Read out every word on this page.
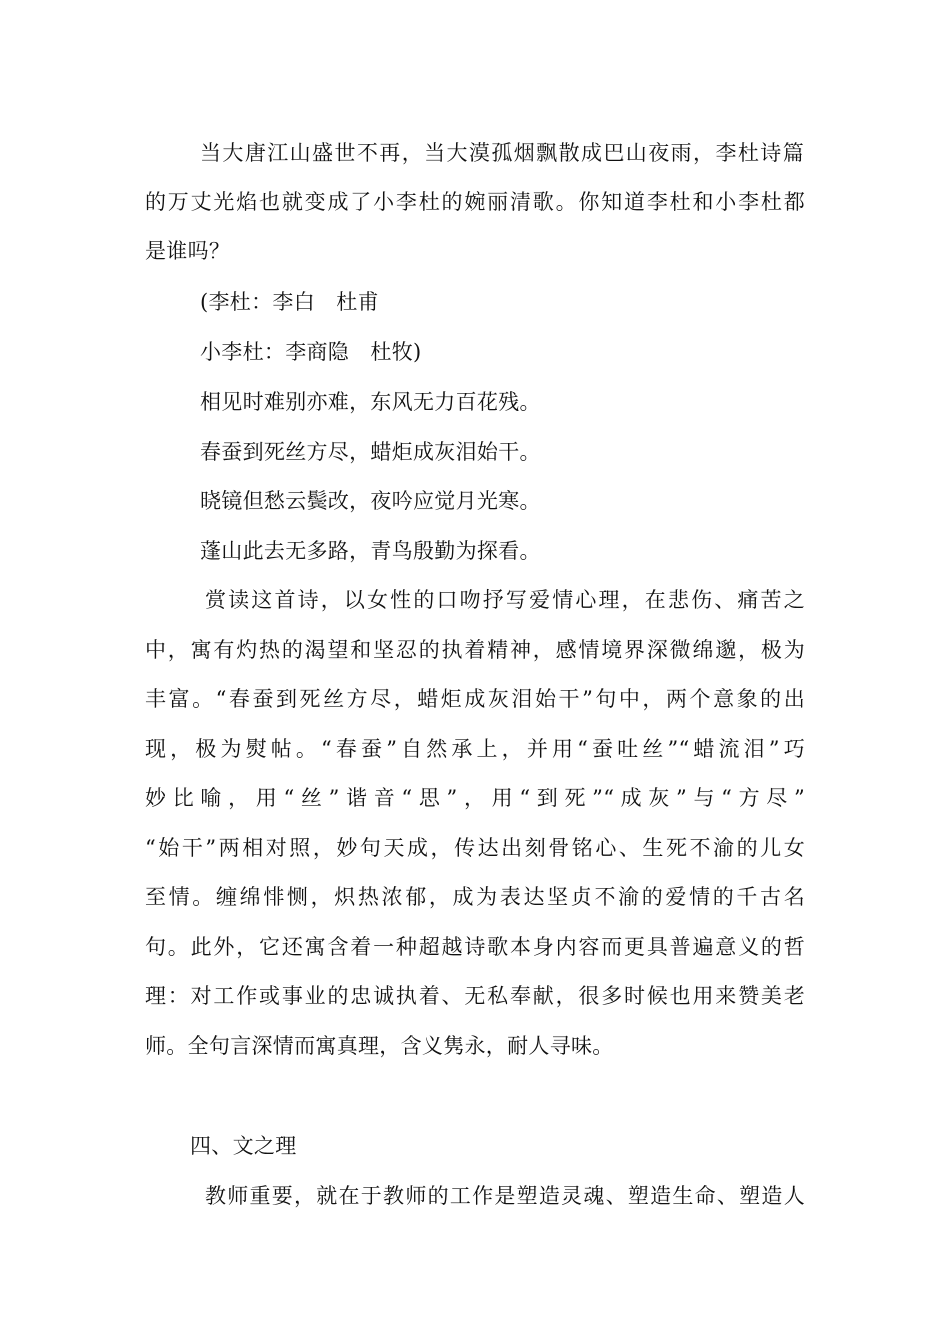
当大唐江山盛世不再，当大漠孤烟飘散成巴山夜雨，李杜诗篇
的万丈光焰也就变成了小李杜的婉丽清歌。你知道李杜和小李杜都
是谁吗？
(李杜：李白　杜甫
小李杜：李商隐　杜牧)
相见时难别亦难，东风无力百花残。
春蚕到死丝方尽，蜡炬成灰泪始干。
晓镜但愁云鬓改，夜吟应觉月光寒。
蓬山此去无多路，青鸟殷勤为探看。
赏读这首诗，以女性的口吻抒写爱情心理，在悲伤、痛苦之
中，寓有灼热的渴望和坚忍的执着精神，感情境界深微绵邈，极为
丰富。“春蚕到死丝方尽，蜡炬成灰泪始干”句中，两个意象的出
现，极为熨帖。“春蚕”自然承上，并用“蚕吐丝”“蜡流泪”巧
妙比喻，用“丝”谐音“思”，用“到死”“成灰”与“方尽”
“始干”两相对照，妙句天成，传达出刻骨铭心、生死不渝的儿女
至情。缠绵悱恻，炽热浓郁，成为表达坚贞不渝的爱情的千古名
句。此外，它还寓含着一种超越诗歌本身内容而更具普遍意义的哲
理：对工作或事业的忠诚执着、无私奉献，很多时候也用来赞美老
师。全句言深情而寓真理，含义隽永，耐人寻味。
四、文之理
教师重要，就在于教师的工作是塑造灵魂、塑造生命、塑造人
